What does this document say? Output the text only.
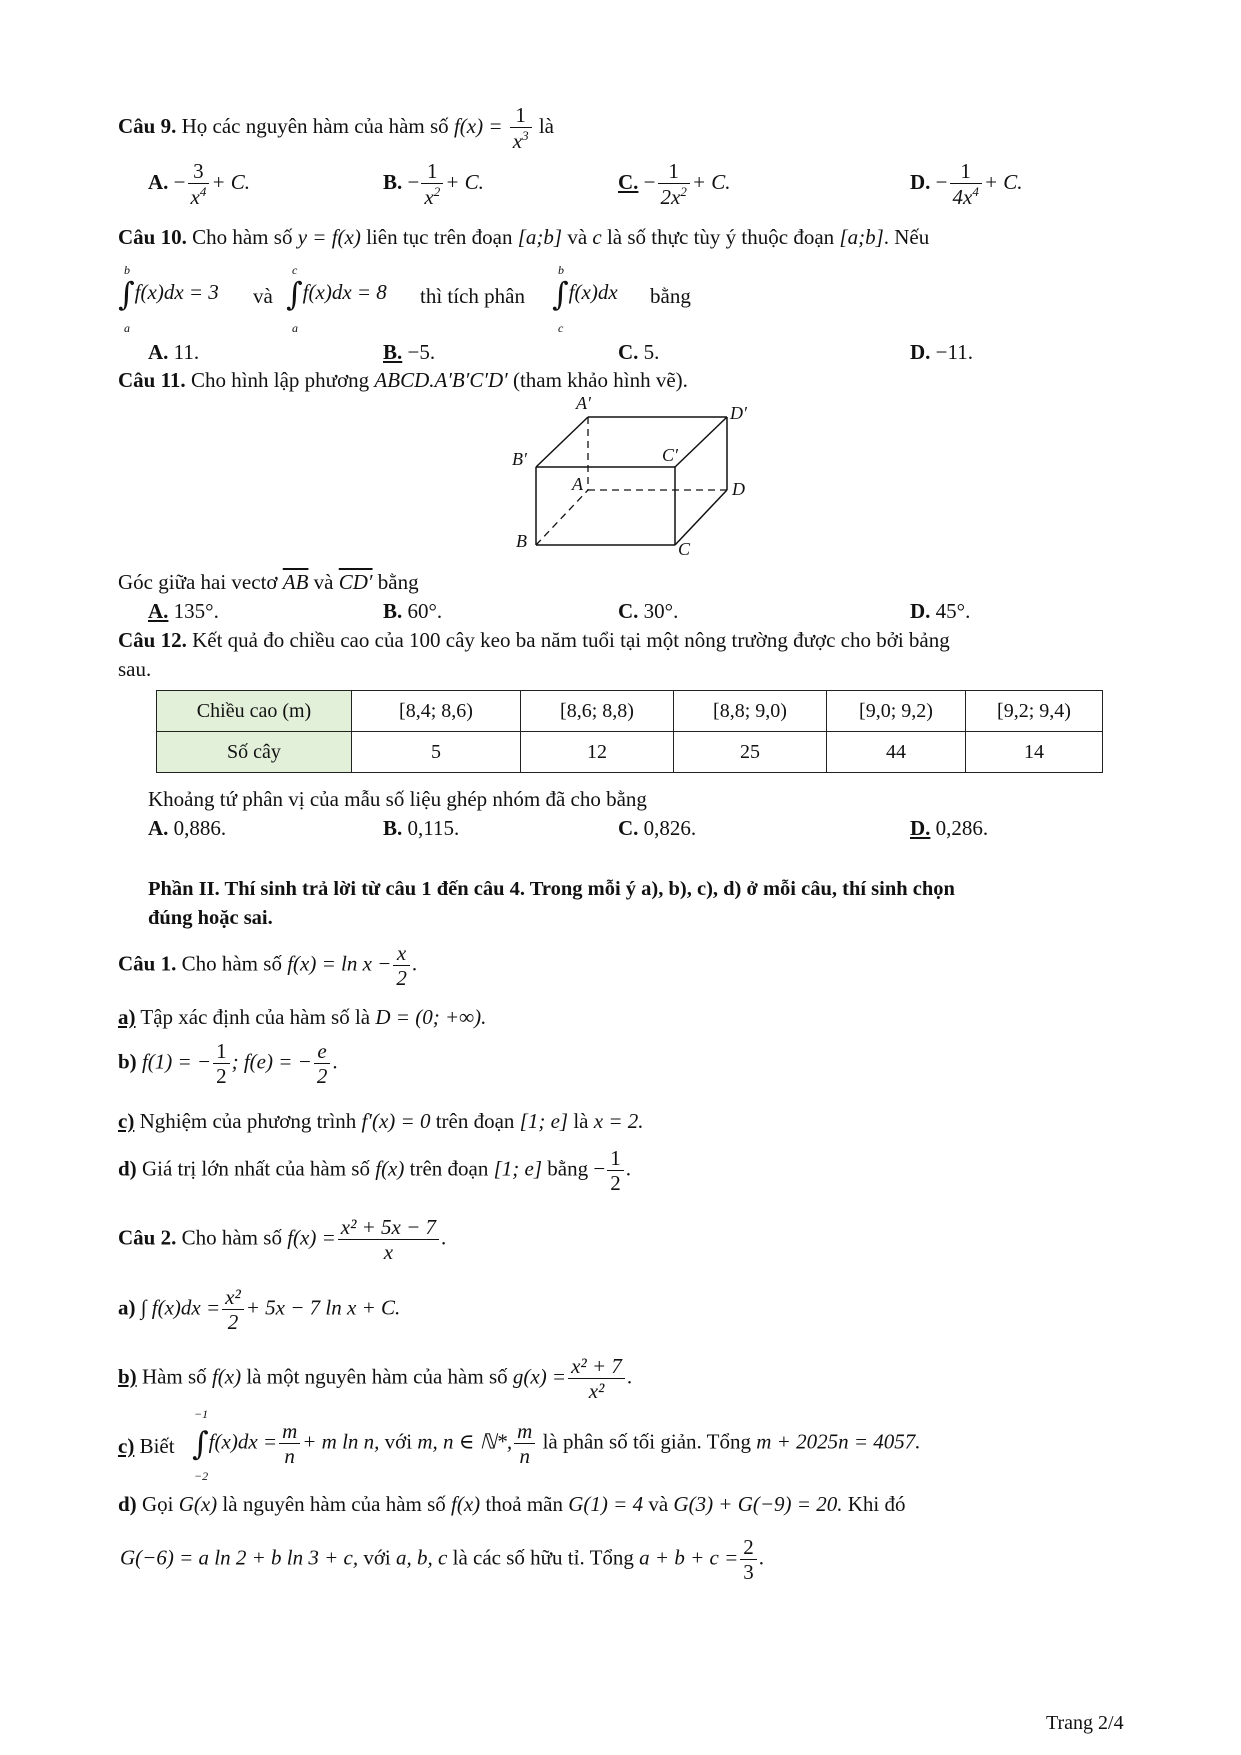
Câu 9. Họ các nguyên hàm của hàm số $f(x) = \frac{1}{x^3}$ là
A. − $\frac{3}{x^4} + C$.	B. − $\frac{1}{x^2} + C$.	C. − $\frac{1}{2x^2} + C$.	D. − $\frac{1}{4x^4} + C$.
Câu 10. Cho hàm số y = f(x) liên tục trên đoạn [a;b] và c là số thực tùy ý thuộc đoạn [a;b]. Nếu
b
a
∫f(x)dx = 3 và
c
a
∫f(x)dx = 8 thì tích phân
b
c
∫f(x)dx bằng
A. 11.	B. −5.	C. 5.	D. −11.
Câu 11. Cho hình lập phương ABCD.A′B′C′D′ (tham khảo hình vẽ).
A′	D′
B′	C′
A	D
B	C
Góc giữa hai vectơ $\overline{AB}$ và CD′ bằng
A. 135°.	B. 60°.	C. 30°.	D. 45°.
Câu 12. Kết quả đo chiều cao của 100 cây keo ba năm tuổi tại một nông trường được cho bởi bảng
sau.
Chiều cao (m)	[8,4; 8,6)	[8,6; 8,8)	[8,8; 9,0)	[9,0; 9,2)	[9,2; 9,4)
Số cây	5	12	25	44	14
Khoảng tứ phân vị của mẫu số liệu ghép nhóm đã cho bằng
A. 0,886.	B. 0,115.	C. 0,826.	D. 0,286.
Phần II. Thí sinh trả lời từ câu 1 đến câu 4. Trong mỗi ý a), b), c), d) ở mỗi câu, thí sinh chọn
đúng hoặc sai.
Câu 1. Cho hàm số $f(x) = \ln x - \frac{x}{2}$ .
a) Tập xác định của hàm số là D = (0; +∞).
b) f(1) = − $\frac{1}{2}$ ; f(e) = − $\frac{e}{2}$ .
c) Nghiệm của phương trình f′(x) = 0 trên đoạn [1; e] là x = 2.
d) Giá trị lớn nhất của hàm số f(x) trên đoạn [1; e] bằng − $\frac{1}{2}$ .
Câu 2. Cho hàm số $f(x) = \frac{\text{x² + 5x − 7}}{x}$ .
a) ∫ $f(x)dx = \frac{\text{x²}}{2} + 5x - 7$ ln x + C.
b) Hàm số f(x) là một nguyên hàm của hàm số $g(x) = \frac{\text{x² + 7}}{\text{x²}}$ .
c) Biết
−1
−2
$\int f(x)dx = \frac{m}{n} + m$ ln n, với m, n ∈ ℕ*, $\frac{m}{n}$ là phân số tối giản. Tổng m + 2025n = 4057.
d) Gọi G(x) là nguyên hàm của hàm số f(x) thoả mãn G(1) = 4 và G(3) + G(−9) = 20. Khi đó
G(−6) = a ln 2 + b ln 3 + c, với a, b, c là các số hữu tỉ. Tổng $a + b + c = \frac{2}{3}$ .
Trang 2/4
